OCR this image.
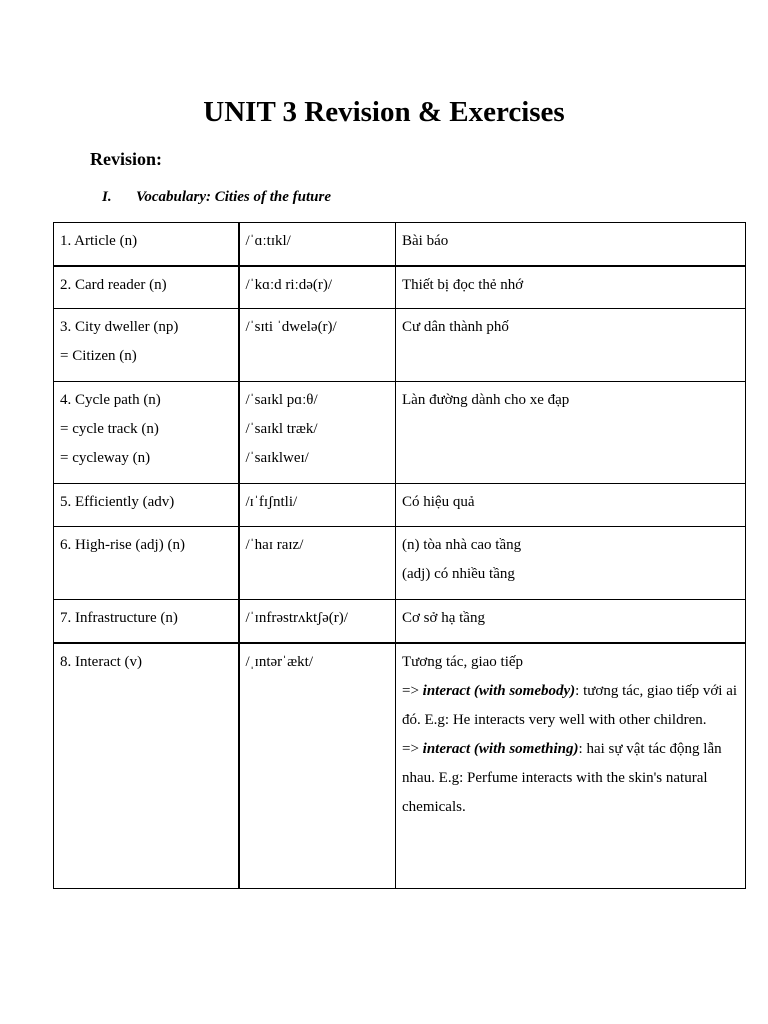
UNIT 3 Revision & Exercises
Revision:
I. Vocabulary: Cities of the future
1. Article (n)	/ˈɑːtɪkl/	Bài báo

2. Card reader (n)	/ˈkɑːd riːdə(r)/	Thiết bị đọc thẻ nhớ

3. City dweller (np)
= Citizen (n)	/ˈsɪti ˈdwelə(r)/	Cư dân thành phố

4. Cycle path (n)
= cycle track (n)
= cycleway (n)	/ˈsaɪkl pɑːθ/
/ˈsaɪkl træk/
/ˈsaɪklweɪ/	Làn đường dành cho xe đạp

5. Efficiently (adv)	/ɪˈfɪʃntli/	Có hiệu quả

6. High-rise (adj) (n)	/ˈhaɪ raɪz/	(n) tòa nhà cao tầng
(adj) có nhiều tầng

7. Infrastructure (n)	/ˈɪnfrəstrʌktʃə(r)/	Cơ sở hạ tầng

8. Interact (v)	/ˌɪntərˈækt/	Tương tác, giao tiếp
=> interact (with somebody): tương tác, giao tiếp với ai đó. E.g: He interacts very well with other children.
=> interact (with something): hai sự vật tác động lẫn nhau. E.g: Perfume interacts with the skin's natural chemicals.
